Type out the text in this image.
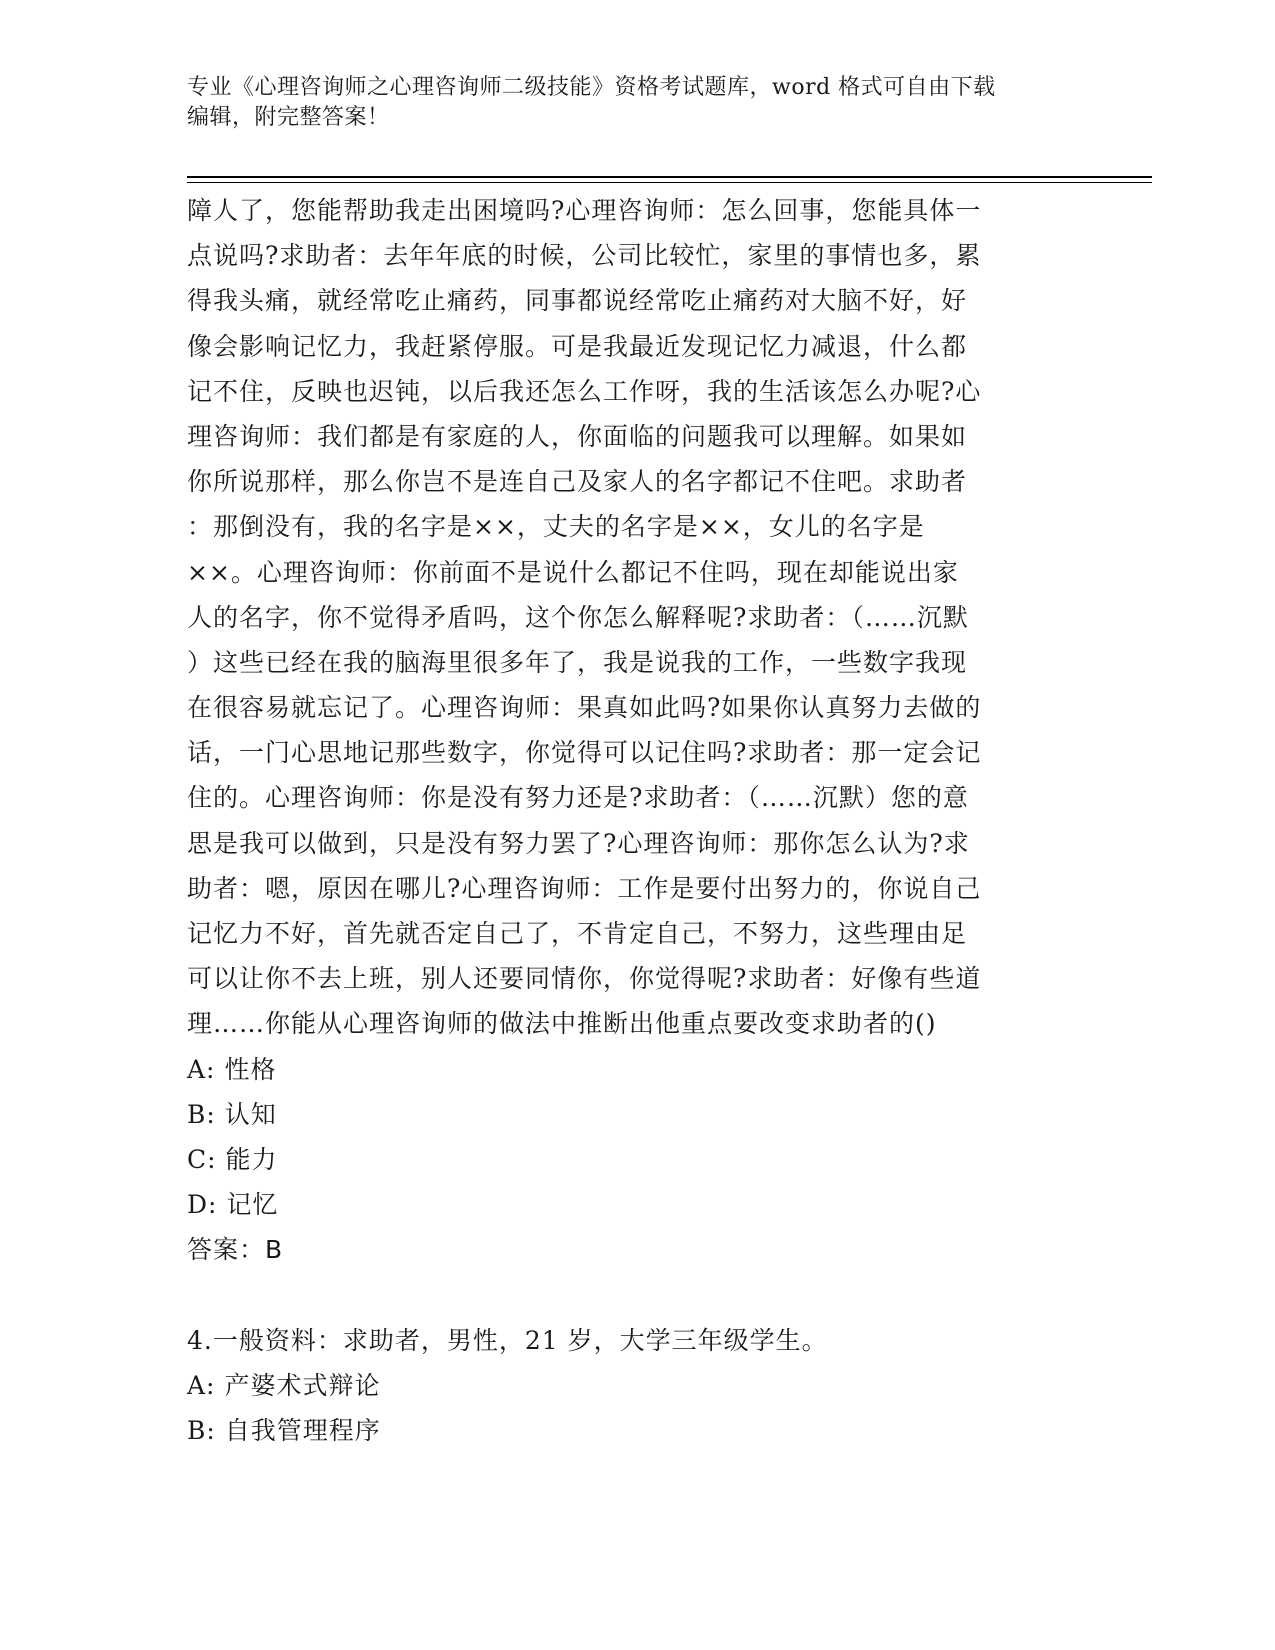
专业《心理咨询师之心理咨询师二级技能》资格考试题库，word 格式可自由下载
编辑，附完整答案！
障人了，您能帮助我走出困境吗?心理咨询师：怎么回事，您能具体一
点说吗?求助者：去年年底的时候，公司比较忙，家里的事情也多，累
得我头痛，就经常吃止痛药，同事都说经常吃止痛药对大脑不好，好
像会影响记忆力，我赶紧停服。可是我最近发现记忆力减退，什么都
记不住，反映也迟钝，以后我还怎么工作呀，我的生活该怎么办呢?心
理咨询师：我们都是有家庭的人，你面临的问题我可以理解。如果如
你所说那样，那么你岂不是连自己及家人的名字都记不住吧。求助者
：那倒没有，我的名字是××，丈夫的名字是××，女儿的名字是
××。心理咨询师：你前面不是说什么都记不住吗，现在却能说出家
人的名字，你不觉得矛盾吗，这个你怎么解释呢?求助者：（……沉默
）这些已经在我的脑海里很多年了，我是说我的工作，一些数字我现
在很容易就忘记了。心理咨询师：果真如此吗?如果你认真努力去做的
话，一门心思地记那些数字，你觉得可以记住吗?求助者：那一定会记
住的。心理咨询师：你是没有努力还是?求助者：（……沉默）您的意
思是我可以做到，只是没有努力罢了?心理咨询师：那你怎么认为?求
助者：嗯，原因在哪儿?心理咨询师：工作是要付出努力的，你说自己
记忆力不好，首先就否定自己了，不肯定自己，不努力，这些理由足
可以让你不去上班，别人还要同情你，你觉得呢?求助者：好像有些道
理……你能从心理咨询师的做法中推断出他重点要改变求助者的()
A: 性格
B: 认知
C: 能力
D: 记忆
答案：B
4.一般资料：求助者，男性，21 岁，大学三年级学生。
A: 产婆术式辩论
B: 自我管理程序
